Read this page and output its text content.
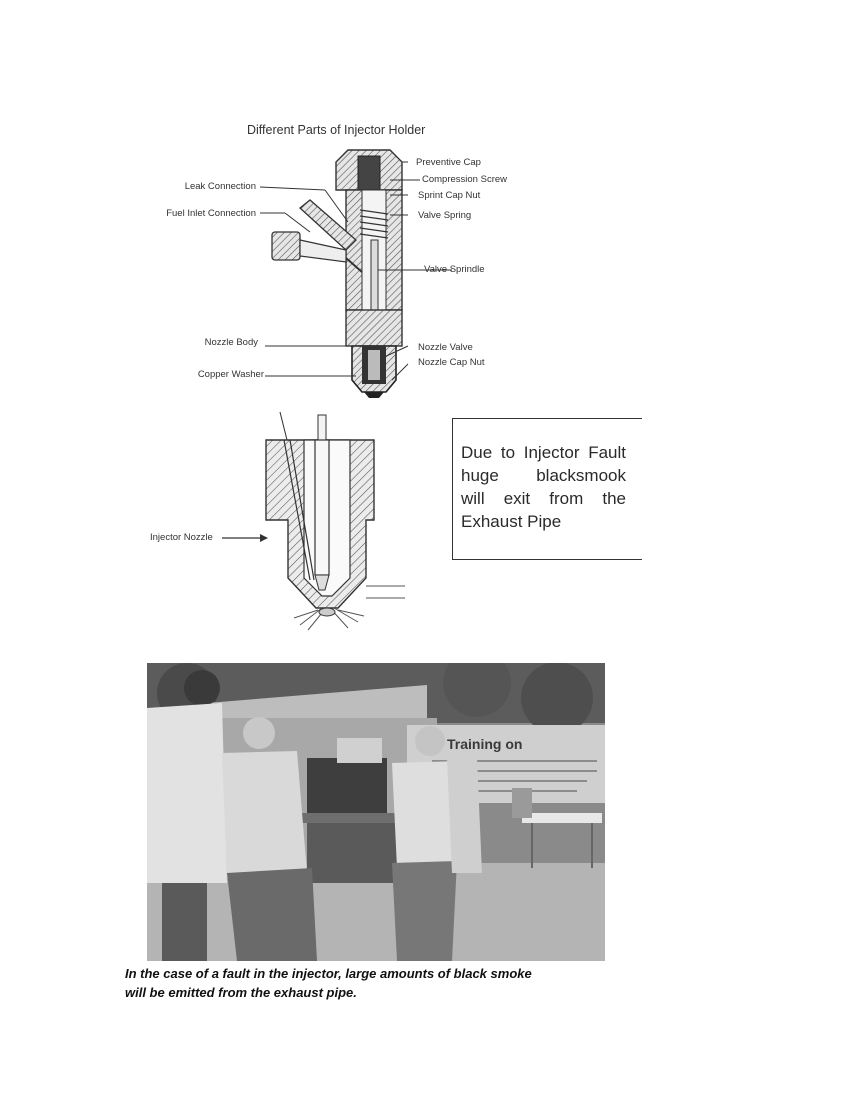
Different Parts of Injector Holder
Preventive Cap
Compression Screw
Sprint Cap Nut
Valve Spring
Valve Sprindle
Leak Connection
Fuel Inlet Connection
Nozzle Body
Copper Washer
Nozzle Valve
Nozzle Cap Nut
Injector Nozzle
Due to Injector Fault
huge blacksmook
will exit from the
Exhaust Pipe
Training on
In the case of a fault in the injector, large amounts of black smoke
will be emitted from the exhaust pipe.
